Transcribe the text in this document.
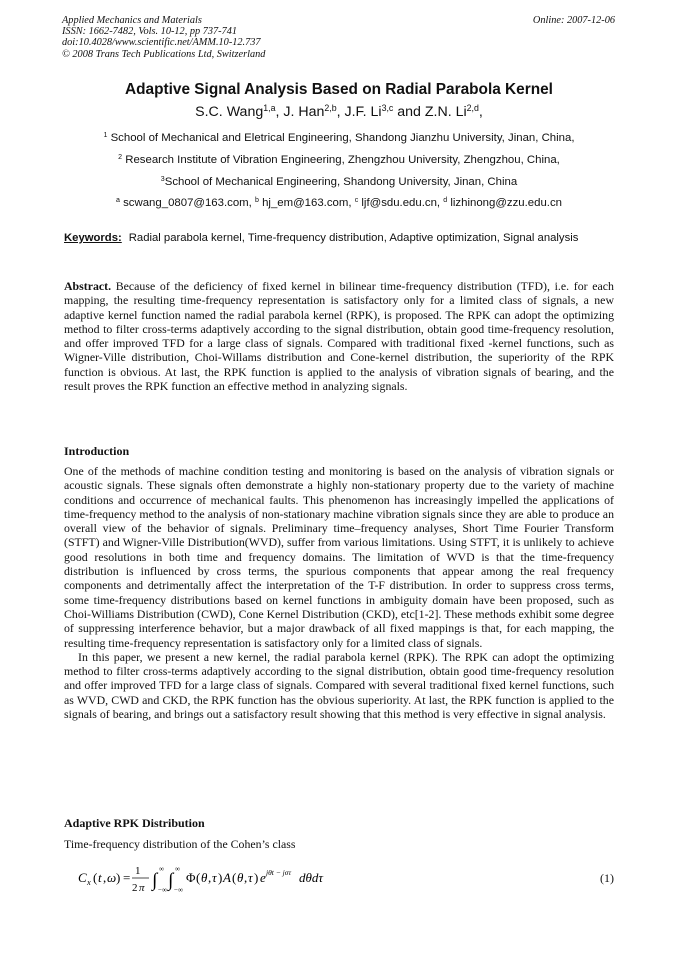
Applied Mechanics and Materials
ISSN: 1662-7482, Vols. 10-12, pp 737-741
doi:10.4028/www.scientific.net/AMM.10-12.737
© 2008 Trans Tech Publications Ltd, Switzerland
Online: 2007-12-06
Adaptive Signal Analysis Based on Radial Parabola Kernel
S.C. Wang$^{1,a}$, J. Han$^{2,b}$, J.F. Li$^{3,c}$ and Z.N. Li$^{2,d}$,
$^1$ School of Mechanical and Eletrical Engineering, Shandong Jianzhu University, Jinan, China,
$^2$ Research Institute of Vibration Engineering, Zhengzhou University, Zhengzhou, China,
$^3$School of Mechanical Engineering, Shandong University, Jinan, China
$^a$ scwang_0807@163.com, $^b$ hj_em@163.com, $^c$ ljf@sdu.edu.cn, $^d$ lizhinong@zzu.edu.cn
Keywords: Radial parabola kernel, Time-frequency distribution, Adaptive optimization, Signal analysis

Abstract. Because of the deficiency of fixed kernel in bilinear time-frequency distribution (TFD), i.e. for each mapping, the resulting time-frequency representation is satisfactory only for a limited class of signals, a new adaptive kernel function named the radial parabola kernel (RPK), is proposed. The RPK can adopt the optimizing method to filter cross-terms adaptively according to the signal distribution, obtain good time-frequency resolution, and offer improved TFD for a large class of signals. Compared with traditional fixed -kernel functions, such as Wigner-Ville distribution, Choi-Willams distribution and Cone-kernel distribution, the superiority of the RPK function is obvious. At last, the RPK function is applied to the analysis of vibration signals of bearing, and the result proves the RPK function an effective method in analyzing signals.

Introduction

One of the methods of machine condition testing and monitoring is based on the analysis of vibration signals or acoustic signals. These signals often demonstrate a highly non-stationary property due to the variety of machine conditions and occurrence of mechanical faults. This phenomenon has increasingly impelled the applications of time-frequency method to the analysis of non-stationary machine vibration signals since they are able to produce an overall view of the behavior of signals. Preliminary time–frequency analyses, Short Time Fourier Transform (STFT) and Wigner-Ville Distribution(WVD), suffer from various limitations. Using STFT, it is unlikely to achieve good resolutions in both time and frequency domains. The limitation of WVD is that the time-frequency distribution is influenced by cross terms, the spurious components that appear among the real frequency components and detrimentally affect the interpretation of the T-F distribution. In order to suppress cross terms, some time-frequency distributions based on kernel functions in ambiguity domain have been proposed, such as Choi-Williams Distribution (CWD), Cone Kernel Distribution (CKD), etc[1-2]. These methods exhibit some degree of suppressing interference behavior, but a major drawback of all fixed mappings is that, for each mapping, the resulting time-frequency representation is satisfactory only for a limited class of signals.

In this paper, we present a new kernel, the radial parabola kernel (RPK). The RPK can adopt the optimizing method to filter cross-terms adaptively according to the signal distribution, obtain good time-frequency resolution and offer improved TFD for a large class of signals. Compared with several traditional fixed kernel functions, such as WVD, CWD and CKD, the RPK function has the obvious superiority. At last, the RPK function is applied to the signals of bearing, and brings out a satisfactory result showing that this method is very effective in signal analysis.

Adaptive RPK Distribution

Time-frequency distribution of the Cohen’s class

C x ( t , ω ) = 1
2 π ∫
∞
−∞ ∫
∞
−∞
Φ ( θ , τ ) A ( θ , τ ) e jθt − jστ dθdτ	(1)
